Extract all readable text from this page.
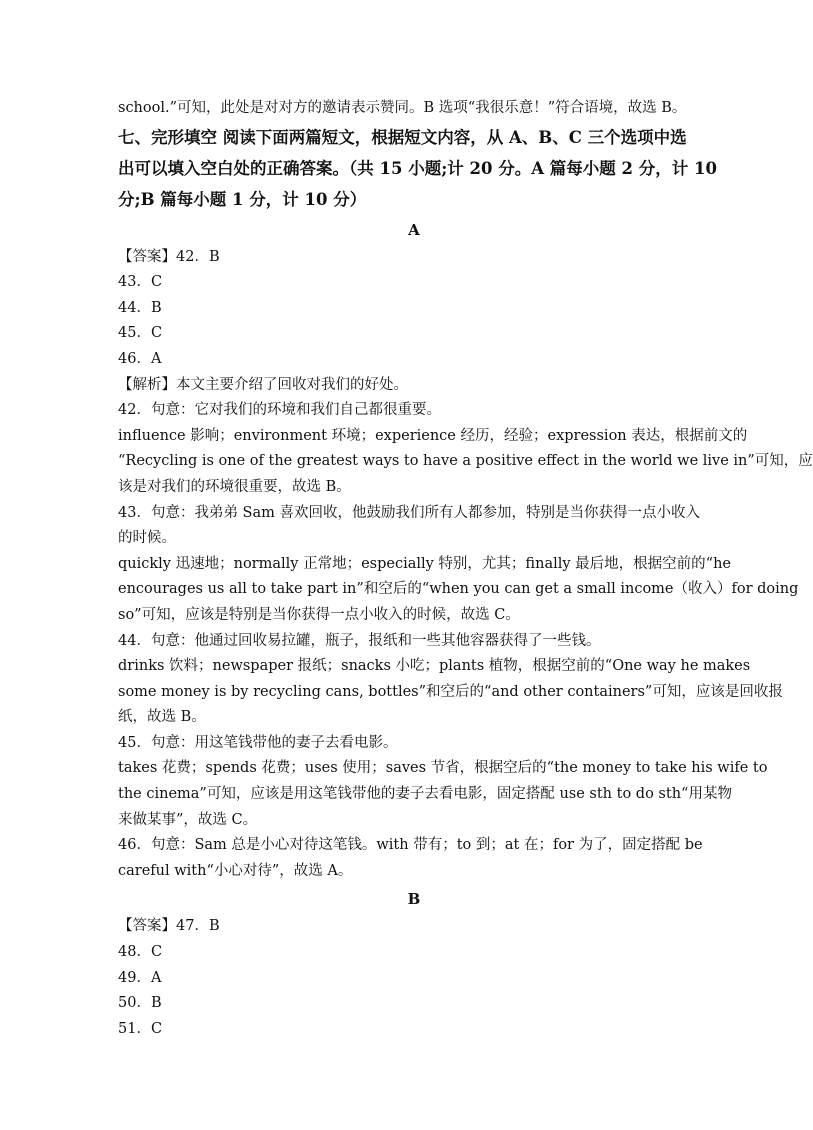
school.”可知，此处是对对方的邀请表示赞同。B 选项“我很乐意！”符合语境，故选 B。
七、完形填空 阅读下面两篇短文，根据短文内容，从 A、B、C 三个选项中选
出可以填入空白处的正确答案。（共 15 小题;计 20 分。A 篇每小题 2 分，计 10
分;B 篇每小题 1 分，计 10 分）
A
【答案】42．B
43．C
44．B
45．C
46．A
【解析】本文主要介绍了回收对我们的好处。
42．句意：它对我们的环境和我们自己都很重要。
influence 影响；environment 环境；experience 经历，经验；expression 表达，根据前文的
“Recycling is one of the greatest ways to have a positive effect in the world we live in”可知，应
该是对我们的环境很重要，故选 B。
43．句意：我弟弟 Sam 喜欢回收，他鼓励我们所有人都参加，特别是当你获得一点小收入
的时候。
quickly 迅速地；normally 正常地；especially 特别，尤其；finally 最后地，根据空前的“he
encourages us all to take part in”和空后的“when you can get a small income（收入）for doing
so”可知，应该是特别是当你获得一点小收入的时候，故选 C。
44．句意：他通过回收易拉罐，瓶子，报纸和一些其他容器获得了一些钱。
drinks 饮料；newspaper 报纸；snacks 小吃；plants 植物，根据空前的“One way he makes
some money is by recycling cans, bottles”和空后的“and other containers”可知，应该是回收报
纸，故选 B。
45．句意：用这笔钱带他的妻子去看电影。
takes 花费；spends 花费；uses 使用；saves 节省，根据空后的“the money to take his wife to
the cinema”可知，应该是用这笔钱带他的妻子去看电影，固定搭配 use sth to do sth“用某物
来做某事”，故选 C。
46．句意：Sam 总是小心对待这笔钱。with 带有；to 到；at 在；for 为了，固定搭配 be
careful with“小心对待”，故选 A。
B
【答案】47．B
48．C
49．A
50．B
51．C
